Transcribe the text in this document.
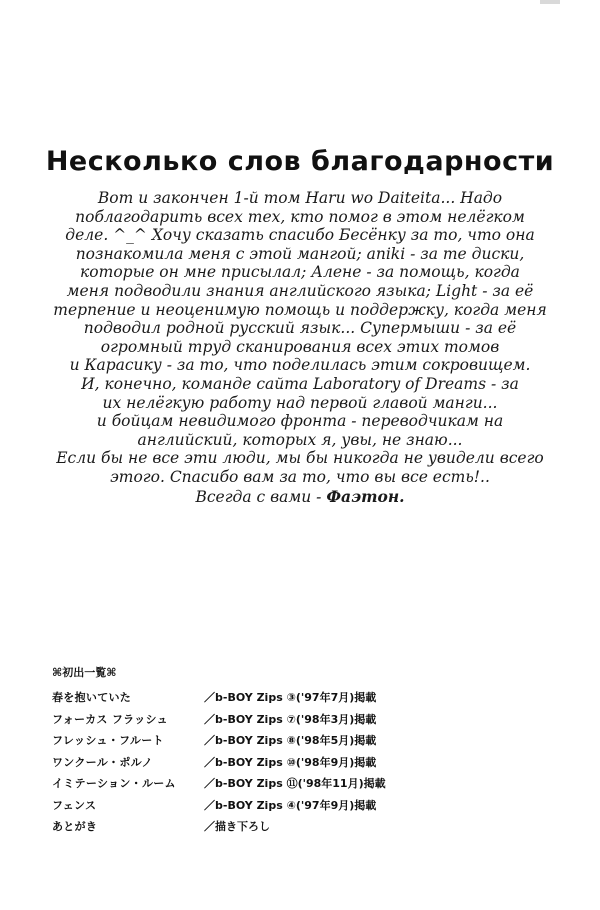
Несколько слов благодарности
Вот и закончен 1-й том Haru wo Daiteita... Надо
поблагодарить всех тех, кто помог в этом нелёгком
деле. ^_^ Хочу сказать спасибо Бесёнку за то, что она
познакомила меня с этой мангой; aniki - за те диски,
которые он мне присылал; Алене - за помощь, когда
меня подводили знания английского языка; Light - за её
терпение и неоценимую помощь и поддержку, когда меня
подводил родной русский язык... Супермыши - за её
огромный труд сканирования всех этих томов
и Карасику - за то, что поделилась этим сокровищем.
И, конечно, команде сайта Laboratory of Dreams - за
их нелёгкую работу над первой главой манги...
и бойцам невидимого фронта - переводчикам на
английский, которых я, увы, не знаю...
Если бы не все эти люди, мы бы никогда не увидели всего
этого. Спасибо вам за то, что вы все есть!..
Всегда с вами - Фаэтон.
⌘初出一覧⌘
春を抱いていた	／b-BOY Zips ③('97年7月)掲載
フォーカス フラッシュ	／b-BOY Zips ⑦('98年3月)掲載
フレッシュ・フルート	／b-BOY Zips ⑧('98年5月)掲載
ワンクール・ポルノ	／b-BOY Zips ⑩('98年9月)掲載
イミテーション・ルーム	／b-BOY Zips ⑪('98年11月)掲載
フェンス	／b-BOY Zips ④('97年9月)掲載
あとがき	／描き下ろし
